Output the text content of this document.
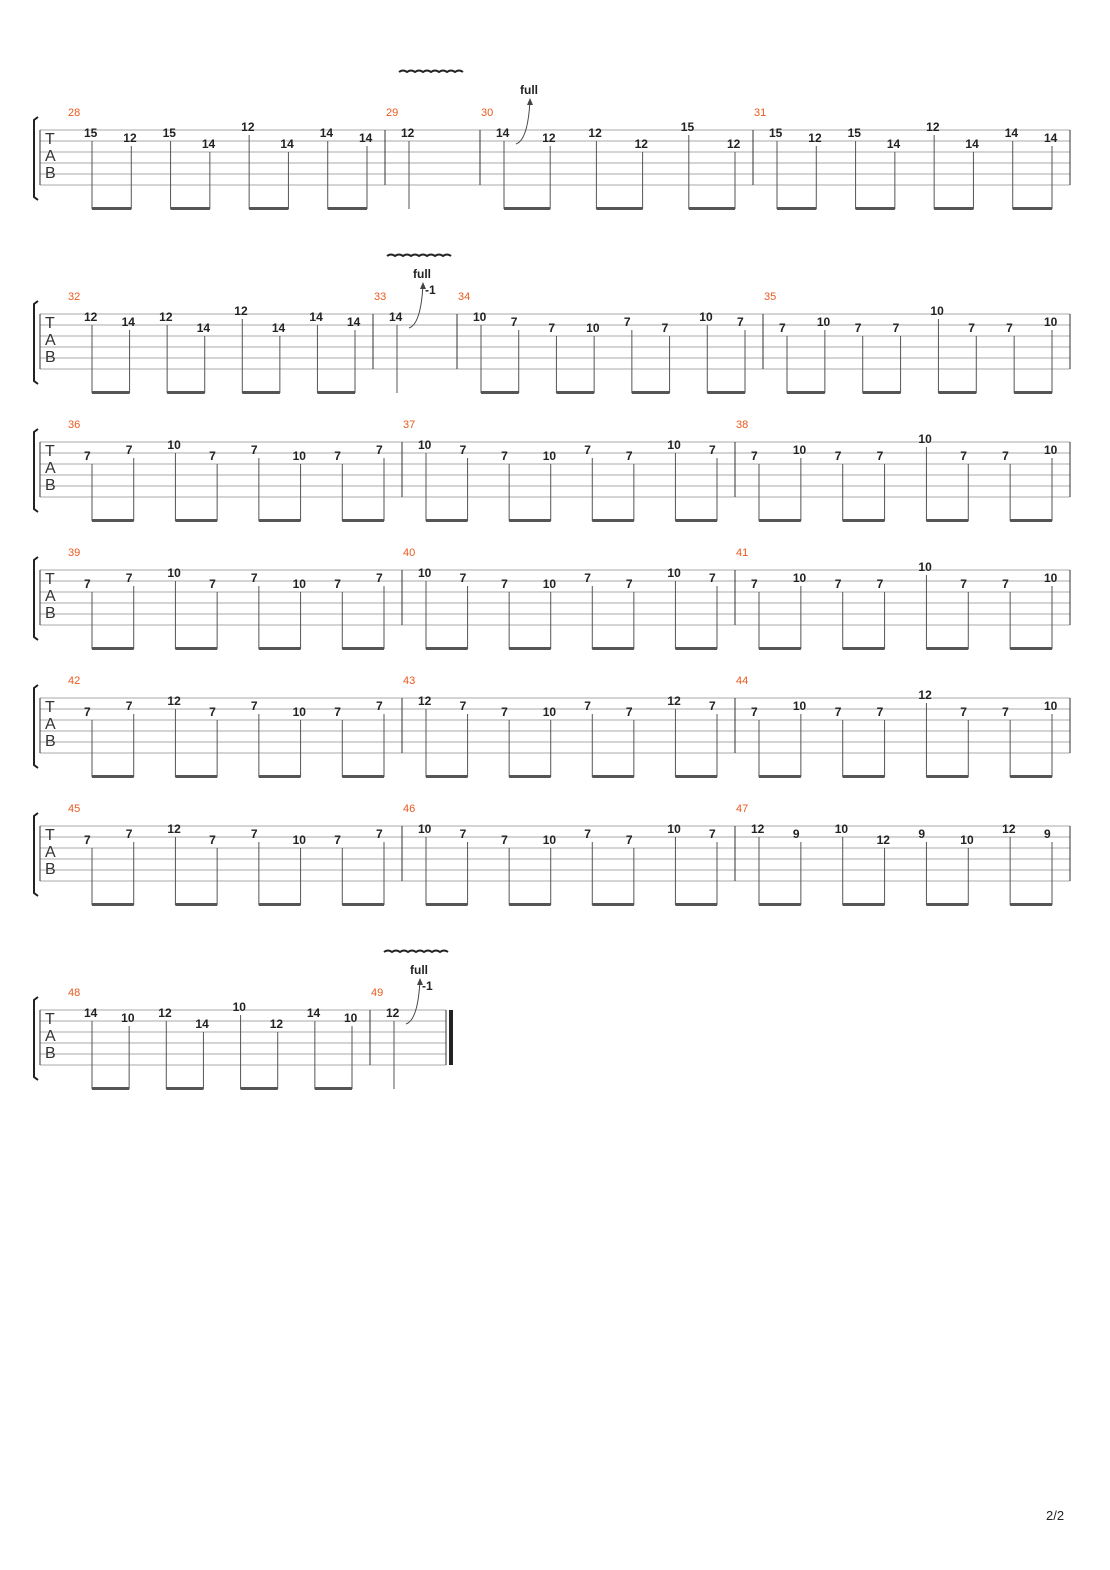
T
A
B
28
15 12 15
14
12
14
14 14
29
12
30
14	12	12
12
15
12
full
31
15 12 15
14
12
14
14 14
T
A
B
32
12 14 12
14
12
14
14 14
33
14
full
-1 34
10 7	7	10 7	7
10 7
35
7	10 7	7
10
7	7	10
T
A
B
36
7	7	10
7	7	10 7	7
37
10 7	7	10 7	7
10 7
38
7	10 7	7
10
7	7	10
T
A
B
39
7	7	10
7	7	10 7	7
40
10 7	7	10 7	7
10 7
41
7	10 7	7
10
7	7	10
T
A
B
42
7	7	12
7	7	10 7	7
43
12 7	7	10 7	7
12 7
44
7	10 7	7
12
7	7	10
T
A
B
45
7	7	12
7	7	10 7	7
46
10 7	7	10 7	7
10 7
47
12 9	10
12 9	10
12 9
T
A
B
48
14 10 12
14
10
12
14 10
49
12
full
-1
2/2
